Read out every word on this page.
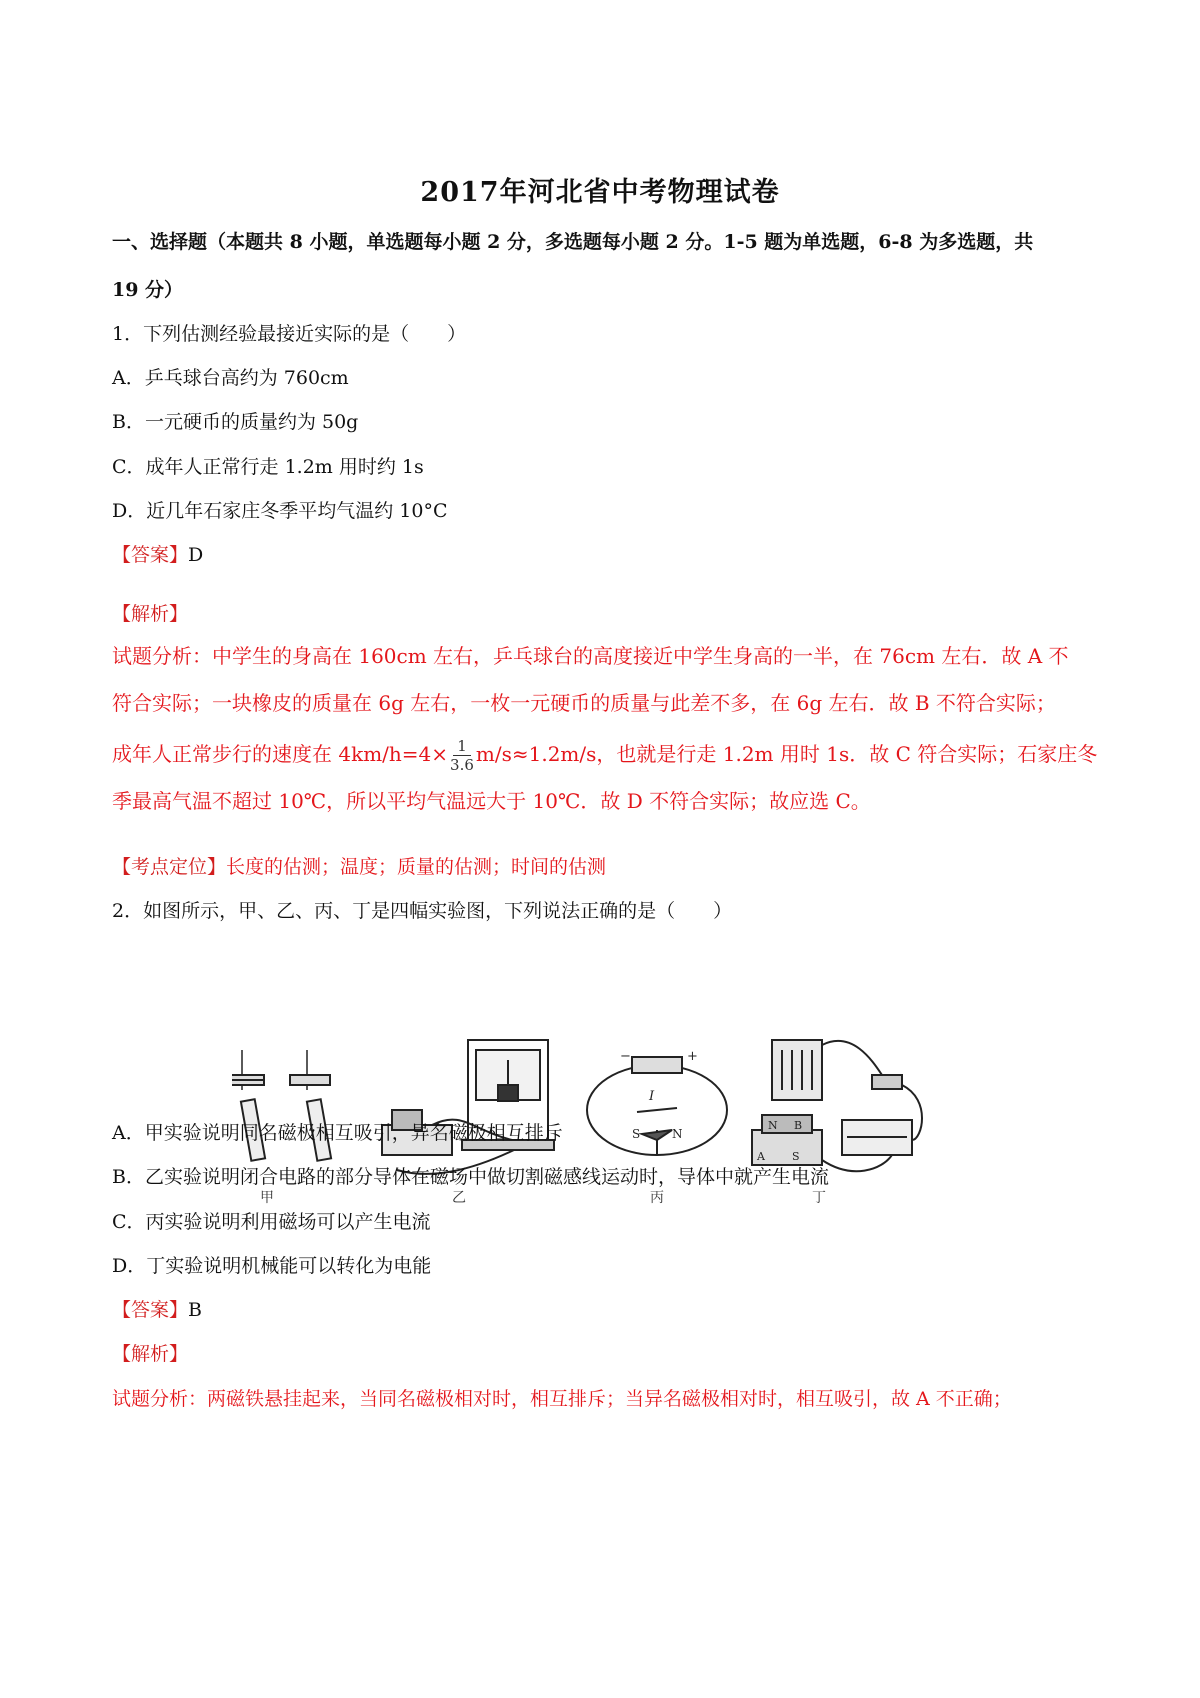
2017年河北省中考物理试卷
一、选择题（本题共 8 小题，单选题每小题 2 分，多选题每小题 2 分。1-5 题为单选题，6-8 为多选题，共
19 分）
1．下列估测经验最接近实际的是（　　）
A．乒乓球台高约为 760cm
B．一元硬币的质量约为 50g
C．成年人正常行走 1.2m 用时约 1s
D．近几年石家庄冬季平均气温约 10°C
【答案】D
【解析】
试题分析：中学生的身高在 160cm 左右，乒乓球台的高度接近中学生身高的一半，在 76cm 左右．故 A 不
符合实际；一块橡皮的质量在 6g 左右，一枚一元硬币的质量与此差不多，在 6g 左右．故 B 不符合实际；
成年人正常步行的速度在 $4km/h=4\times \frac{1}{3.6} m/s\approx 1.2m/s$，也就是行走 1.2m 用时 1s．故 C 符合实际；石家庄冬
季最高气温不超过 10℃，所以平均气温远大于 10℃．故 D 不符合实际；故应选 C。
【考点定位】长度的估测；温度；质量的估测；时间的估测
2．如图所示，甲、乙、丙、丁是四幅实验图，下列说法正确的是（　　）
甲	乙
−	+
I
S	N
丙
N B
A S
丁
A．甲实验说明同名磁极相互吸引，异名磁极相互排斥
B．乙实验说明闭合电路的部分导体在磁场中做切割磁感线运动时，导体中就产生电流
C．丙实验说明利用磁场可以产生电流
D．丁实验说明机械能可以转化为电能
【答案】B
【解析】
试题分析：两磁铁悬挂起来，当同名磁极相对时，相互排斥；当异名磁极相对时，相互吸引，故 A 不正确；
